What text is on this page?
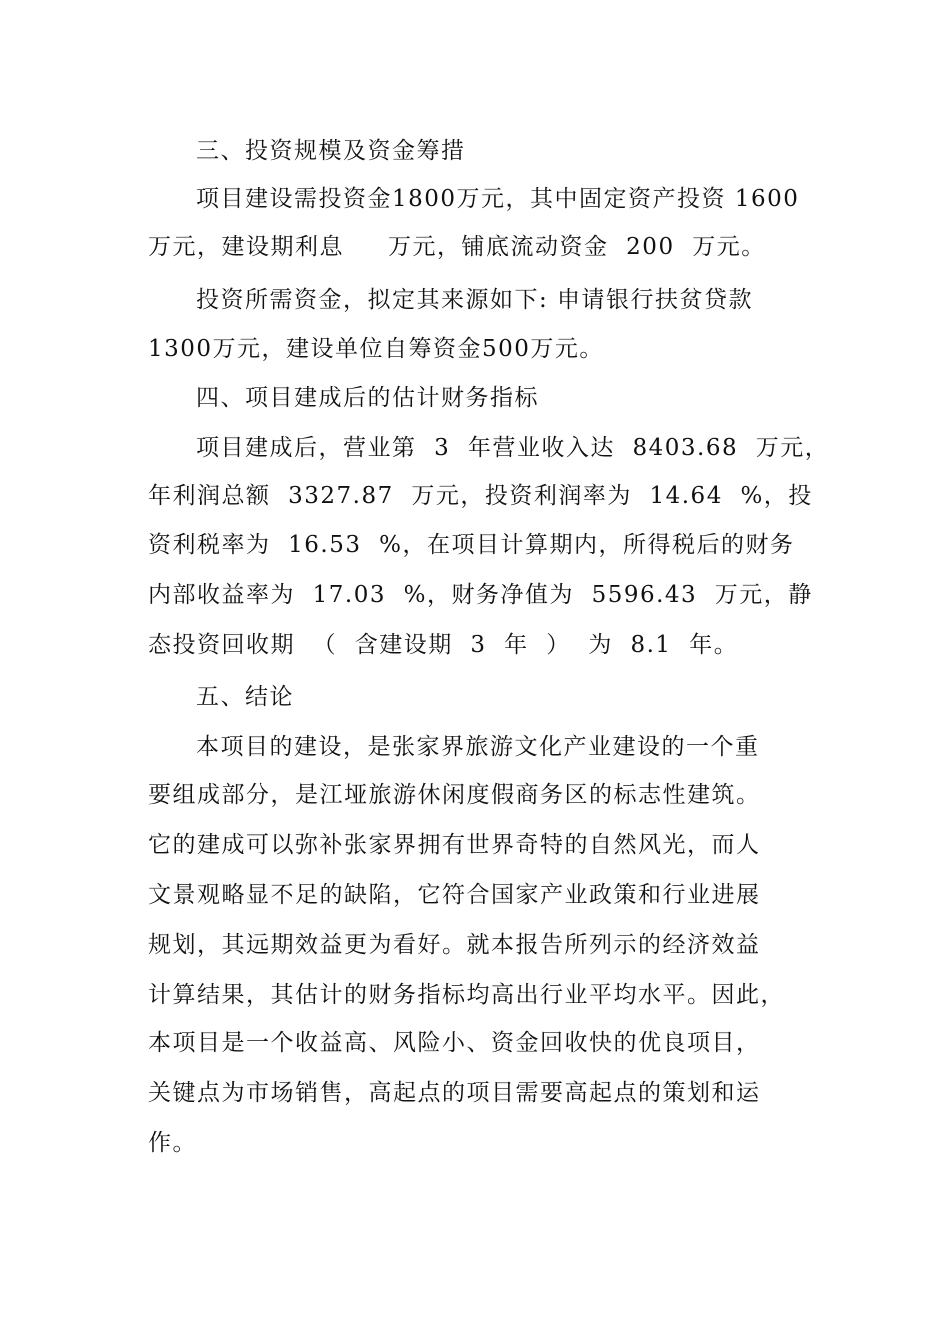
三、投资规模及资金筹措

项目建设需投资金1800万元，其中固定资产投资 1600

万元，建设期利息     万元，铺底流动资金  200  万元。

投资所需资金，拟定其来源如下: 申请银行扶贫贷款

1300万元，建设单位自筹资金500万元。

四、项目建成后的估计财务指标

项目建成后，营业第  3  年营业收入达  8403.68  万元，

年利润总额  3327.87  万元，投资利润率为  14.64  %，投

资利税率为  16.53  %，在项目计算期内，所得税后的财务

内部收益率为  17.03  %，财务净值为  5596.43  万元，静

态投资回收期  （  含建设期  3  年  ）  为  8.1  年。

五、结论

本项目的建设，是张家界旅游文化产业建设的一个重

要组成部分，是江垭旅游休闲度假商务区的标志性建筑。

它的建成可以弥补张家界拥有世界奇特的自然风光，而人

文景观略显不足的缺陷，它符合国家产业政策和行业进展

规划，其远期效益更为看好。就本报告所列示的经济效益

计算结果，其估计的财务指标均高出行业平均水平。因此，

本项目是一个收益高、风险小、资金回收快的优良项目，

关键点为市场销售，高起点的项目需要高起点的策划和运

作。
